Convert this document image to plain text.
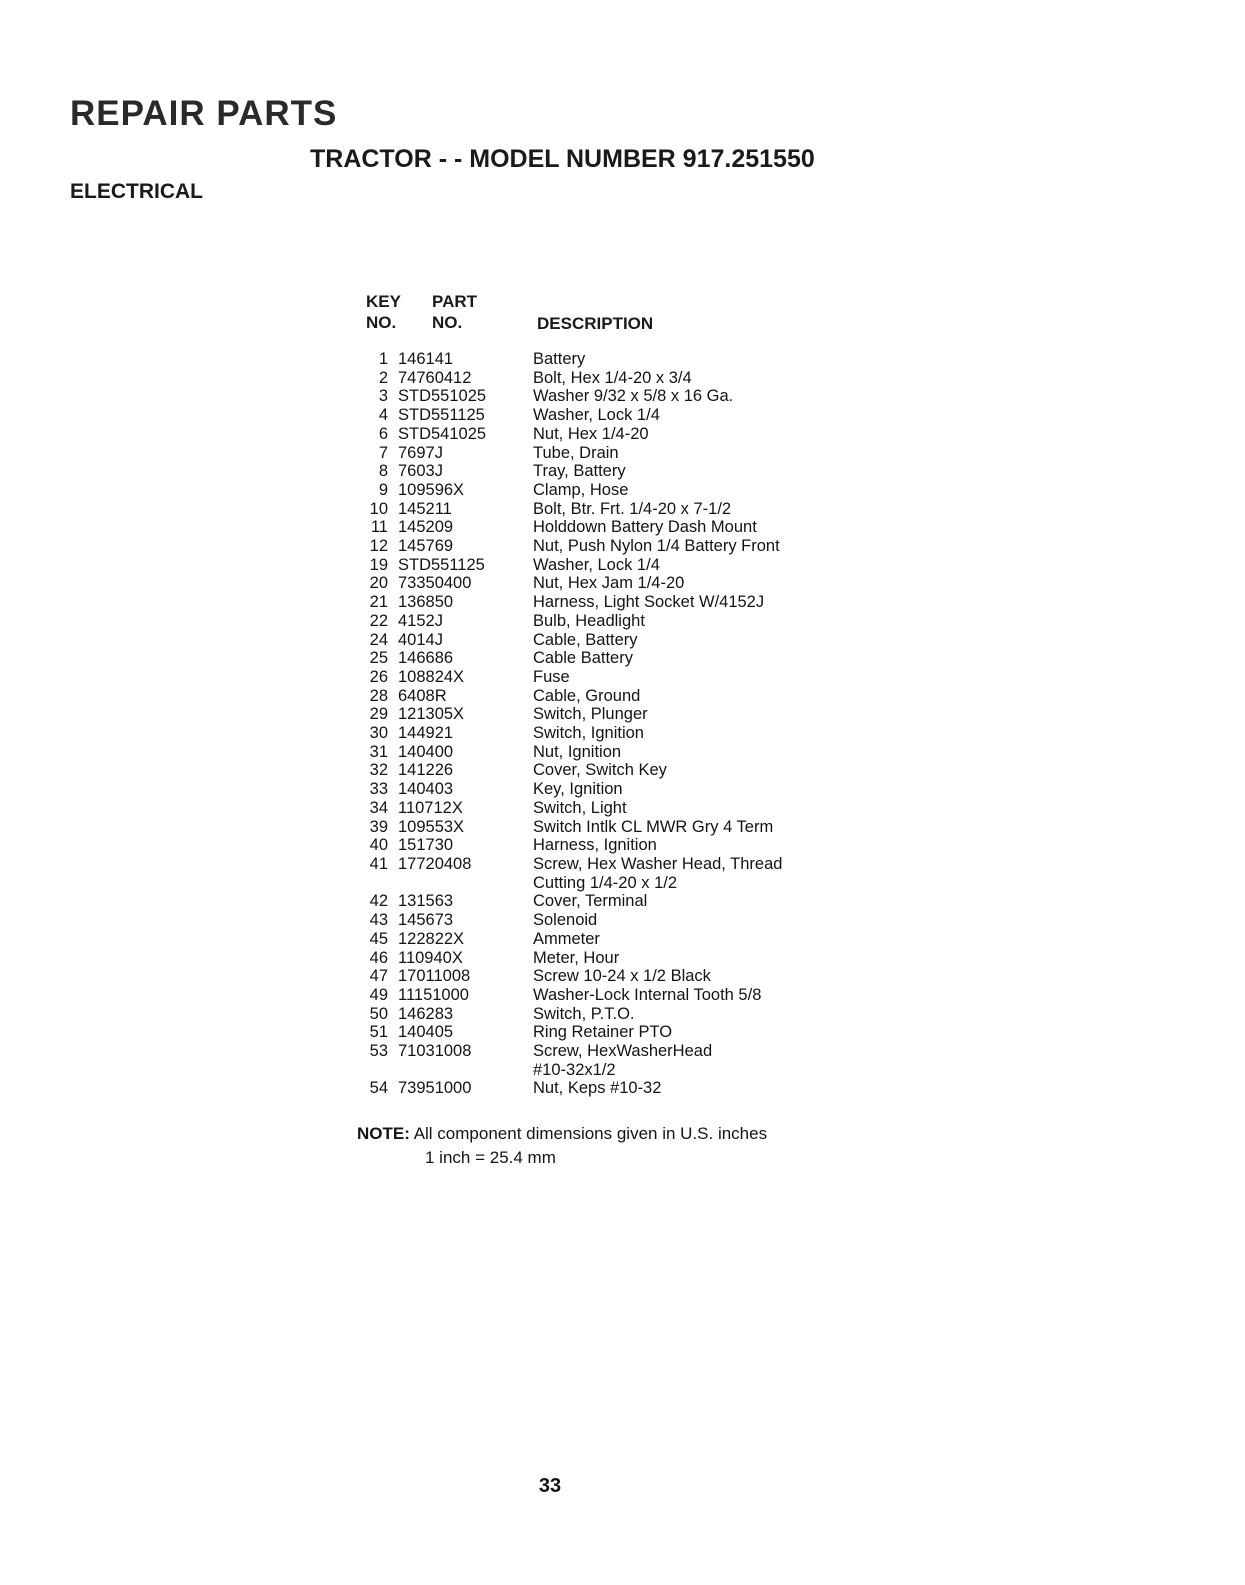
REPAIR PARTS
TRACTOR - - MODEL NUMBER 917.251550
ELECTRICAL
KEY
NO.
PART
NO.	DESCRIPTION
1 146141	Battery
2 74760412	Bolt, Hex 1/4-20 x 3/4
3 STD551025	Washer 9/32 x 5/8 x 16 Ga.
4 STD551125	Washer, Lock 1/4
6 STD541025	Nut, Hex 1/4-20
7 7697J	Tube, Drain
8 7603J	Tray, Battery
9 109596X	Clamp, Hose
10 145211	Bolt, Btr. Frt. 1/4-20 x 7-1/2
11 145209	Holddown Battery Dash Mount
12 145769	Nut, Push Nylon 1/4 Battery Front
19 STD551125	Washer, Lock 1/4
20 73350400	Nut, Hex Jam 1/4-20
21 136850	Harness, Light Socket W/4152J
22 4152J	Bulb, Headlight
24 4014J	Cable, Battery
25 146686	Cable Battery
26 108824X	Fuse
28 6408R	Cable, Ground
29 121305X	Switch, Plunger
30 144921	Switch, Ignition
31 140400	Nut, Ignition
32 141226	Cover, Switch Key
33 140403	Key, Ignition
34 110712X	Switch, Light
39 109553X	Switch Intlk CL MWR Gry 4 Term
40 151730	Harness, Ignition
41 17720408	Screw, Hex Washer Head, Thread
Cutting 1/4-20 x 1/2
42 131563	Cover, Terminal
43 145673	Solenoid
45 122822X	Ammeter
46 110940X	Meter, Hour
47 17011008	Screw 10-24 x 1/2 Black
49 11151000	Washer-Lock Internal Tooth 5/8
50 146283	Switch, P.T.O.
51 140405	Ring Retainer PTO
53 71031008	Screw, HexWasherHead
#10-32x1/2
54 73951000	Nut, Keps #10-32
NOTE: All component dimensions given in U.S. inches
1 inch = 25.4 mm
33
